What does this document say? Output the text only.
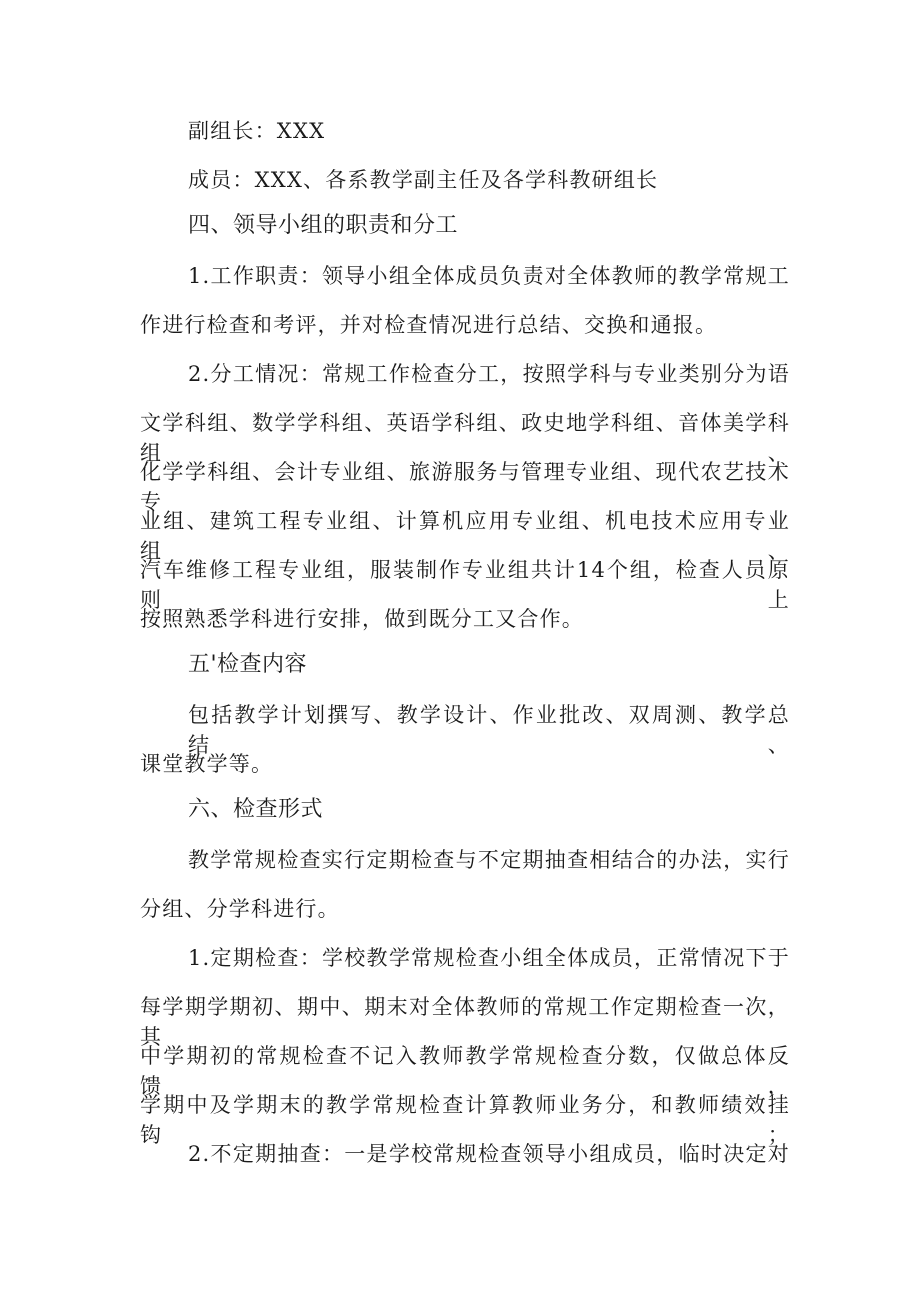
副组长：XXX

成员：XXX、各系教学副主任及各学科教研组长

四、领导小组的职责和分工

1.工作职责：领导小组全体成员负责对全体教师的教学常规工

作进行检查和考评，并对检查情况进行总结、交换和通报。

2.分工情况：常规工作检查分工，按照学科与专业类别分为语

文学科组、数学学科组、英语学科组、政史地学科组、音体美学科组、

化学学科组、会计专业组、旅游服务与管理专业组、现代农艺技术专

业组、建筑工程专业组、计算机应用专业组、机电技术应用专业组、

汽车维修工程专业组，服装制作专业组共计14个组，检查人员原则上

按照熟悉学科进行安排，做到既分工又合作。

五'检查内容

包括教学计划撰写、教学设计、作业批改、双周测、教学总结、

课堂教学等。

六、检查形式

教学常规检查实行定期检查与不定期抽查相结合的办法，实行

分组、分学科进行。

1.定期检查：学校教学常规检查小组全体成员，正常情况下于

每学期学期初、期中、期末对全体教师的常规工作定期检查一次，其

中学期初的常规检查不记入教师教学常规检查分数，仅做总体反馈，

学期中及学期末的教学常规检查计算教师业务分，和教师绩效挂钩；

2.不定期抽查：一是学校常规检查领导小组成员，临时决定对
